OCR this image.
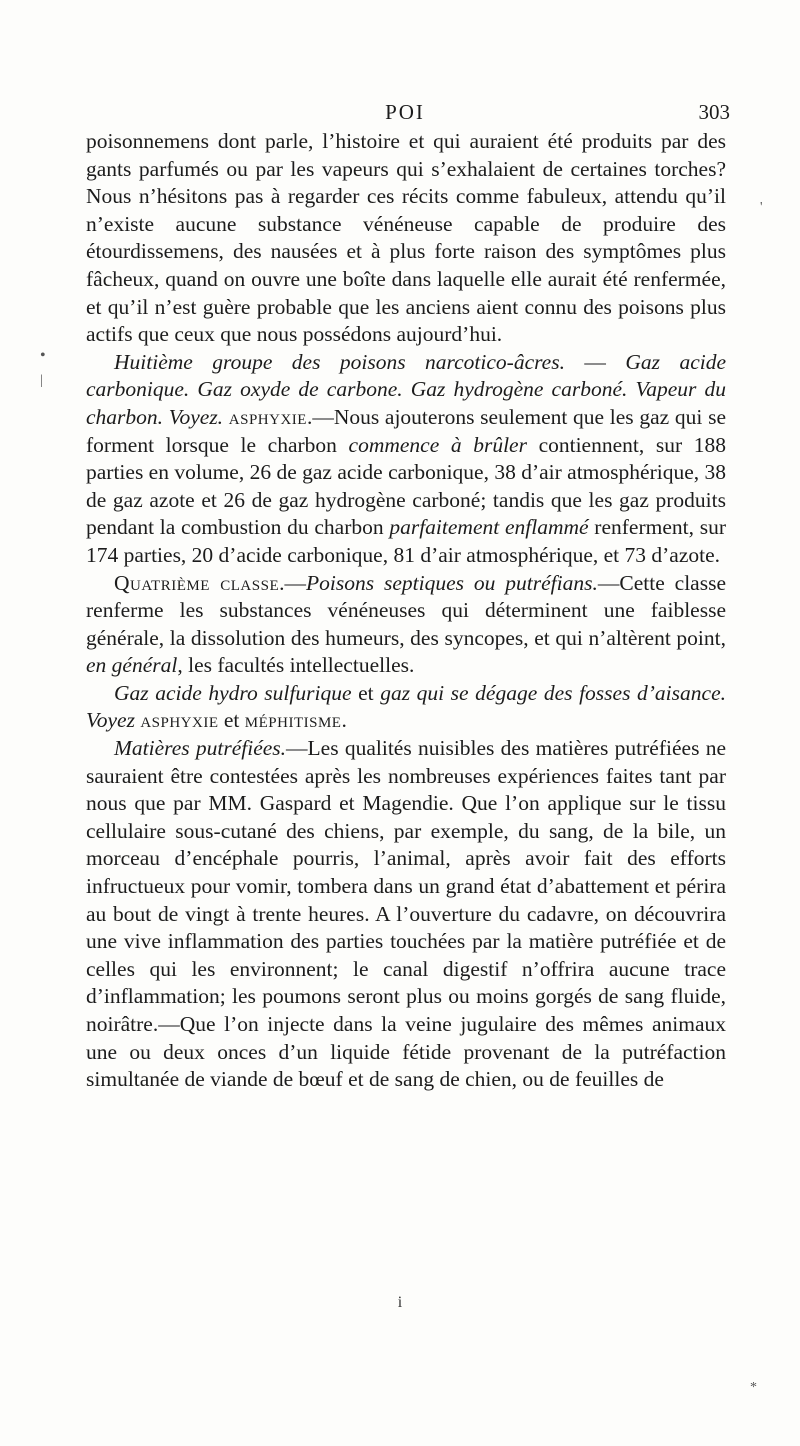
POI	303

poisonnemens dont parle, l’histoire et qui auraient été produits par des gants parfumés ou par les vapeurs qui s’exhalaient de certaines torches? Nous n’hésitons pas à regarder ces récits comme fabuleux, attendu qu’il n’existe aucune substance vénéneuse capable de produire des étourdissemens, des nausées et à plus forte raison des symptômes plus fâcheux, quand on ouvre une boîte dans laquelle elle aurait été renfermée, et qu’il n’est guère probable que les anciens aient connu des poisons plus actifs que ceux que nous possédons aujourd’hui.

Huitième groupe des poisons narcotico-âcres. — Gaz acide carbonique. Gaz oxyde de carbone. Gaz hydrogène carboné. Vapeur du charbon. Voyez. asphyxie.—Nous ajouterons seulement que les gaz qui se forment lorsque le charbon commence à brûler contiennent, sur 188 parties en volume, 26 de gaz acide carbonique, 38 d’air atmosphérique, 38 de gaz azote et 26 de gaz hydrogène carboné; tandis que les gaz produits pendant la combustion du charbon parfaitement enflammé renferment, sur 174 parties, 20 d’acide carbonique, 81 d’air atmosphérique, et 73 d’azote.

Quatrième classe.—Poisons septiques ou putréfians.—Cette classe renferme les substances vénéneuses qui déterminent une faiblesse générale, la dissolution des humeurs, des syncopes, et qui n’altèrent point, en général, les facultés intellectuelles.

Gaz acide hydro sulfurique et gaz qui se dégage des fosses d’aisance. Voyez asphyxie et méphitisme.

Matières putréfiées.—Les qualités nuisibles des matières putréfiées ne sauraient être contestées après les nombreuses expériences faites tant par nous que par MM. Gaspard et Magendie. Que l’on applique sur le tissu cellulaire sous-cutané des chiens, par exemple, du sang, de la bile, un morceau d’encéphale pourris, l’animal, après avoir fait des efforts infructueux pour vomir, tombera dans un grand état d’abattement et périra au bout de vingt à trente heures. A l’ouverture du cadavre, on découvrira une vive inflammation des parties touchées par la matière putréfiée et de celles qui les environnent; le canal digestif n’offrira aucune trace d’inflammation; les poumons seront plus ou moins gorgés de sang fluide, noirâtre.—Que l’on injecte dans la veine jugulaire des mêmes animaux une ou deux onces d’un liquide fétide provenant de la putréfaction simultanée de viande de bœuf et de sang de chien, ou de feuilles de

i
•
|
'
*
